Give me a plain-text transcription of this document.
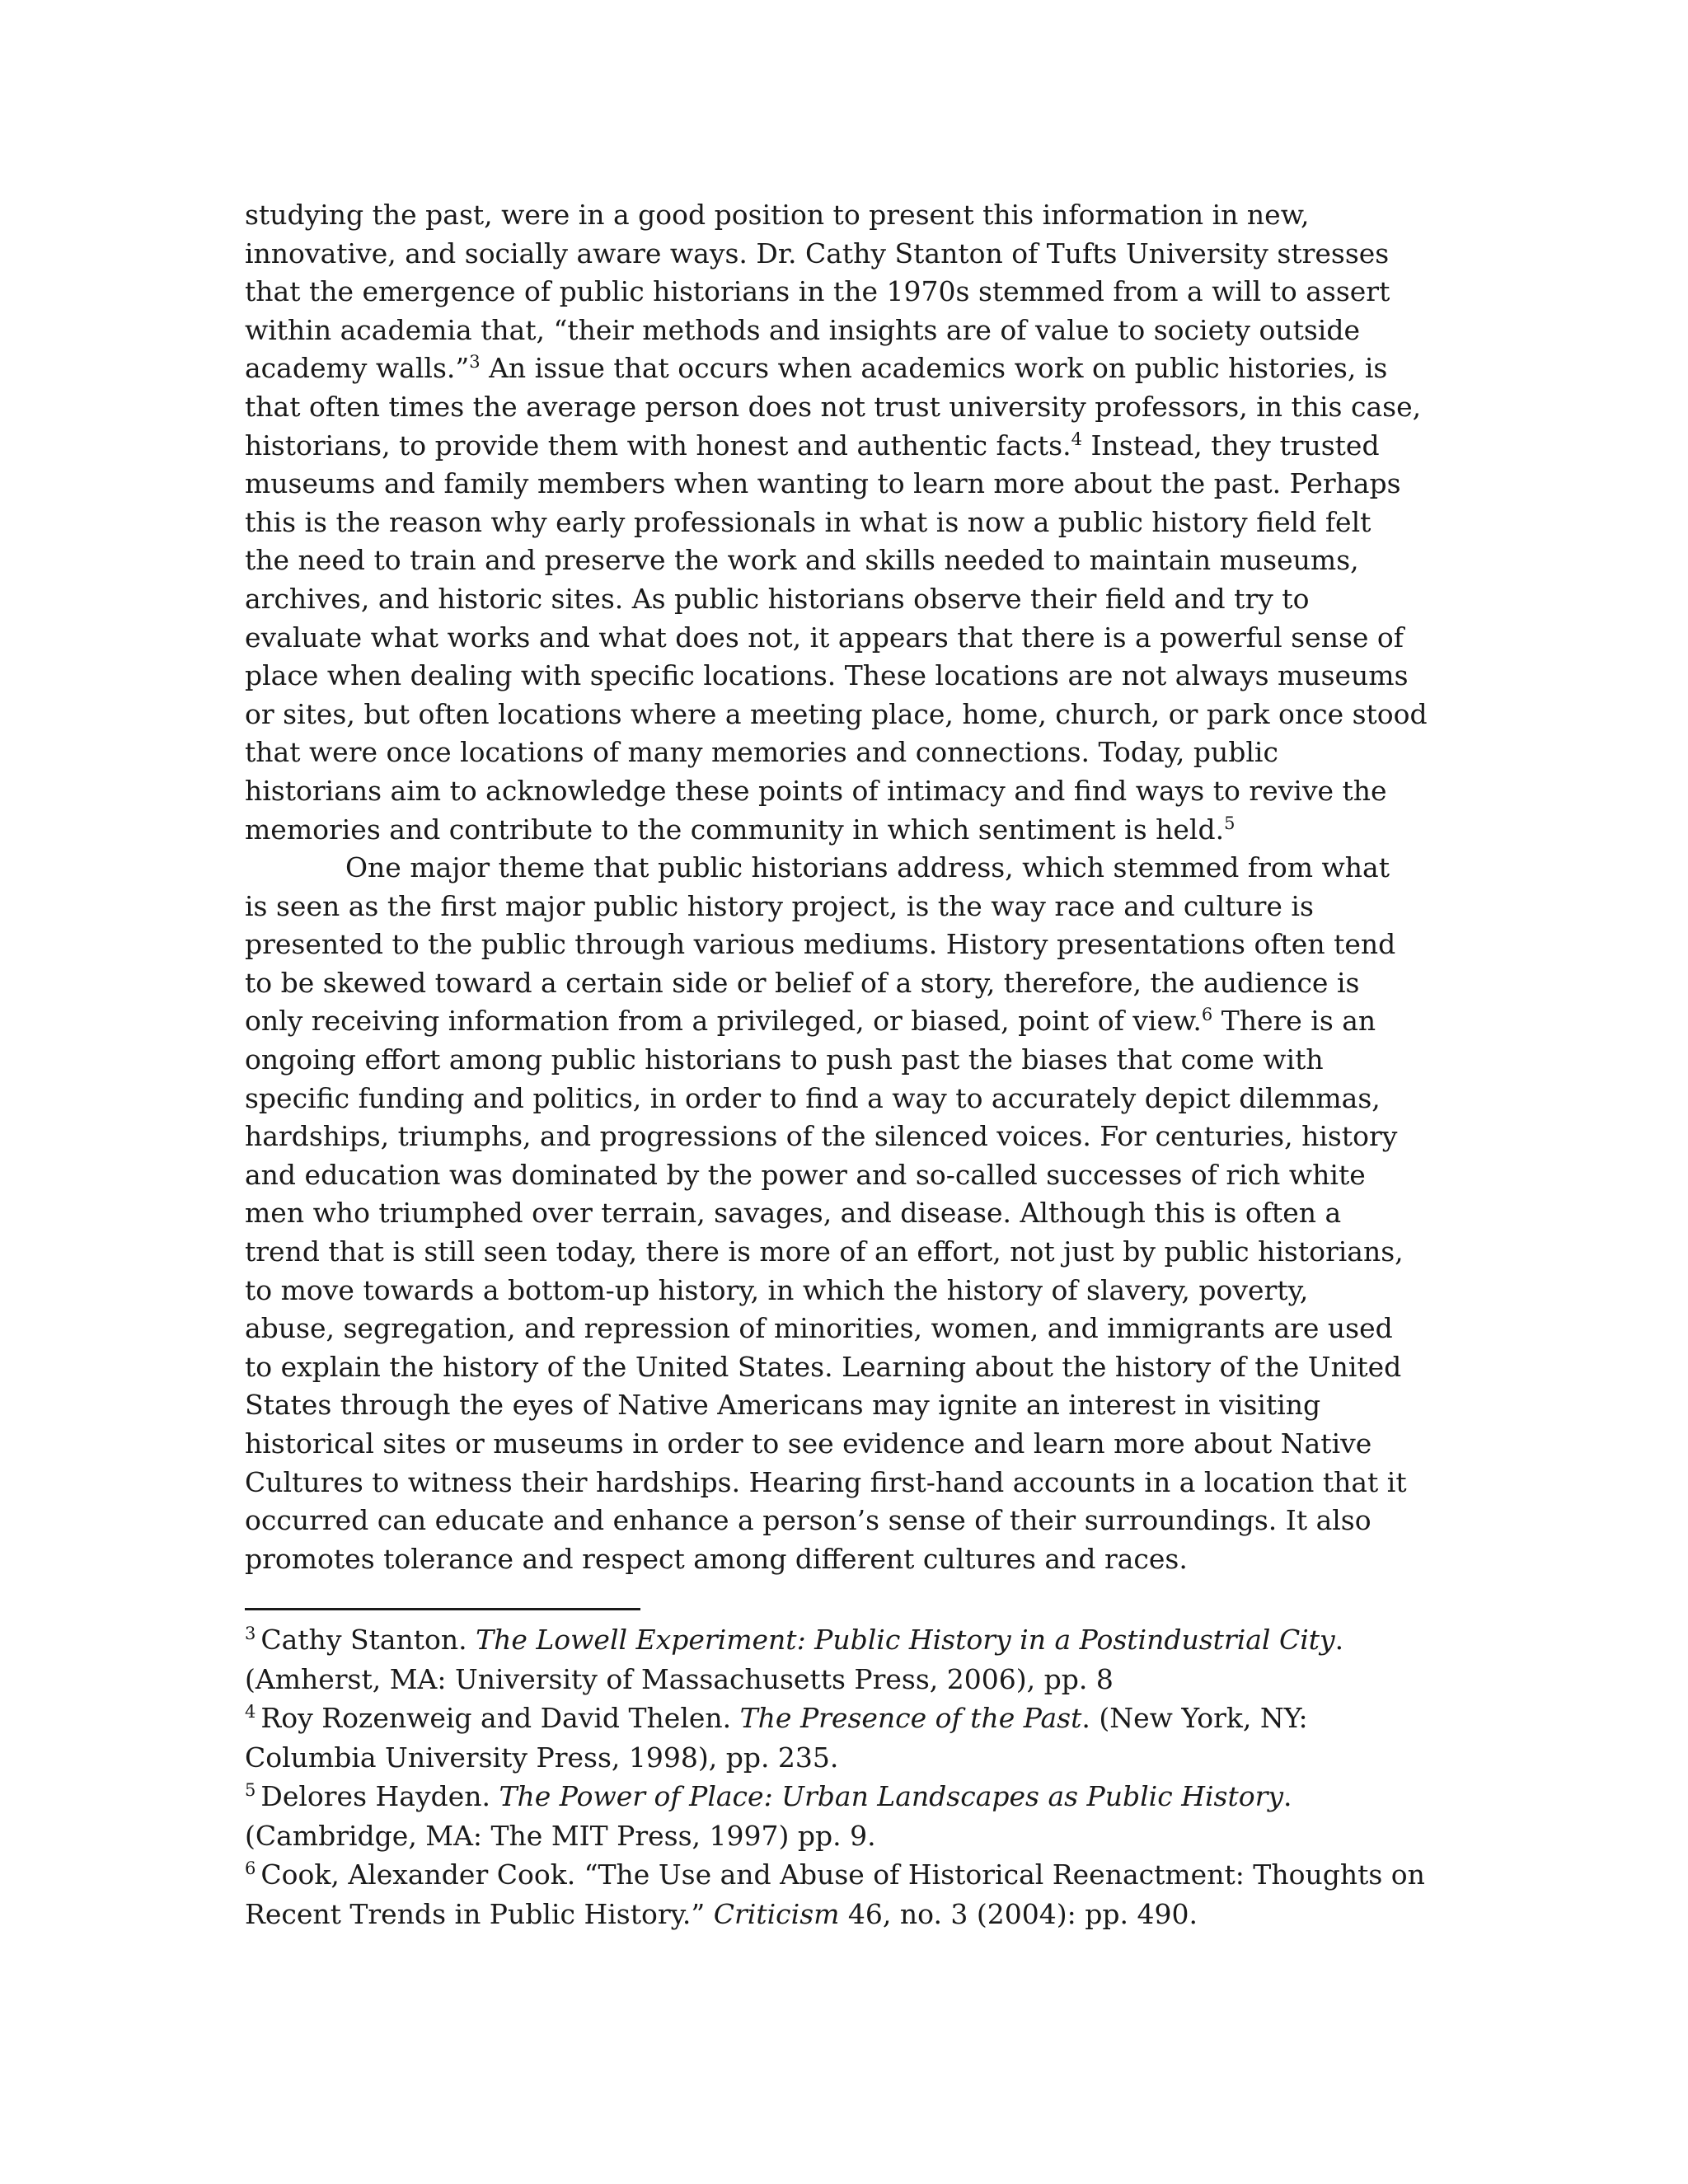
studying the past, were in a good position to present this information in new,
innovative, and socially aware ways. Dr. Cathy Stanton of Tufts University stresses
that the emergence of public historians in the 1970s stemmed from a will to assert
within academia that, “their methods and insights are of value to society outside
academy walls.”$^3$ An issue that occurs when academics work on public histories, is
that often times the average person does not trust university professors, in this case,
historians, to provide them with honest and authentic facts.$^4$ Instead, they trusted
museums and family members when wanting to learn more about the past. Perhaps
this is the reason why early professionals in what is now a public history field felt
the need to train and preserve the work and skills needed to maintain museums,
archives, and historic sites. As public historians observe their field and try to
evaluate what works and what does not, it appears that there is a powerful sense of
place when dealing with specific locations. These locations are not always museums
or sites, but often locations where a meeting place, home, church, or park once stood
that were once locations of many memories and connections. Today, public
historians aim to acknowledge these points of intimacy and find ways to revive the
memories and contribute to the community in which sentiment is held.$^5$
One major theme that public historians address, which stemmed from what
is seen as the first major public history project, is the way race and culture is
presented to the public through various mediums. History presentations often tend
to be skewed toward a certain side or belief of a story, therefore, the audience is
only receiving information from a privileged, or biased, point of view.$^6$ There is an
ongoing effort among public historians to push past the biases that come with
specific funding and politics, in order to find a way to accurately depict dilemmas,
hardships, triumphs, and progressions of the silenced voices. For centuries, history
and education was dominated by the power and so-called successes of rich white
men who triumphed over terrain, savages, and disease. Although this is often a
trend that is still seen today, there is more of an effort, not just by public historians,
to move towards a bottom-up history, in which the history of slavery, poverty,
abuse, segregation, and repression of minorities, women, and immigrants are used
to explain the history of the United States. Learning about the history of the United
States through the eyes of Native Americans may ignite an interest in visiting
historical sites or museums in order to see evidence and learn more about Native
Cultures to witness their hardships. Hearing first-hand accounts in a location that it
occurred can educate and enhance a person’s sense of their surroundings. It also
promotes tolerance and respect among different cultures and races.
$^3$ Cathy Stanton. The Lowell Experiment: Public History in a Postindustrial City.
(Amherst, MA: University of Massachusetts Press, 2006), pp. 8
$^4$ Roy Rozenweig and David Thelen. The Presence of the Past. (New York, NY:
Columbia University Press, 1998), pp. 235.
$^5$ Delores Hayden. The Power of Place: Urban Landscapes as Public History.
(Cambridge, MA: The MIT Press, 1997) pp. 9.
$^6$ Cook, Alexander Cook. “The Use and Abuse of Historical Reenactment: Thoughts on
Recent Trends in Public History.” Criticism 46, no. 3 (2004): pp. 490.
